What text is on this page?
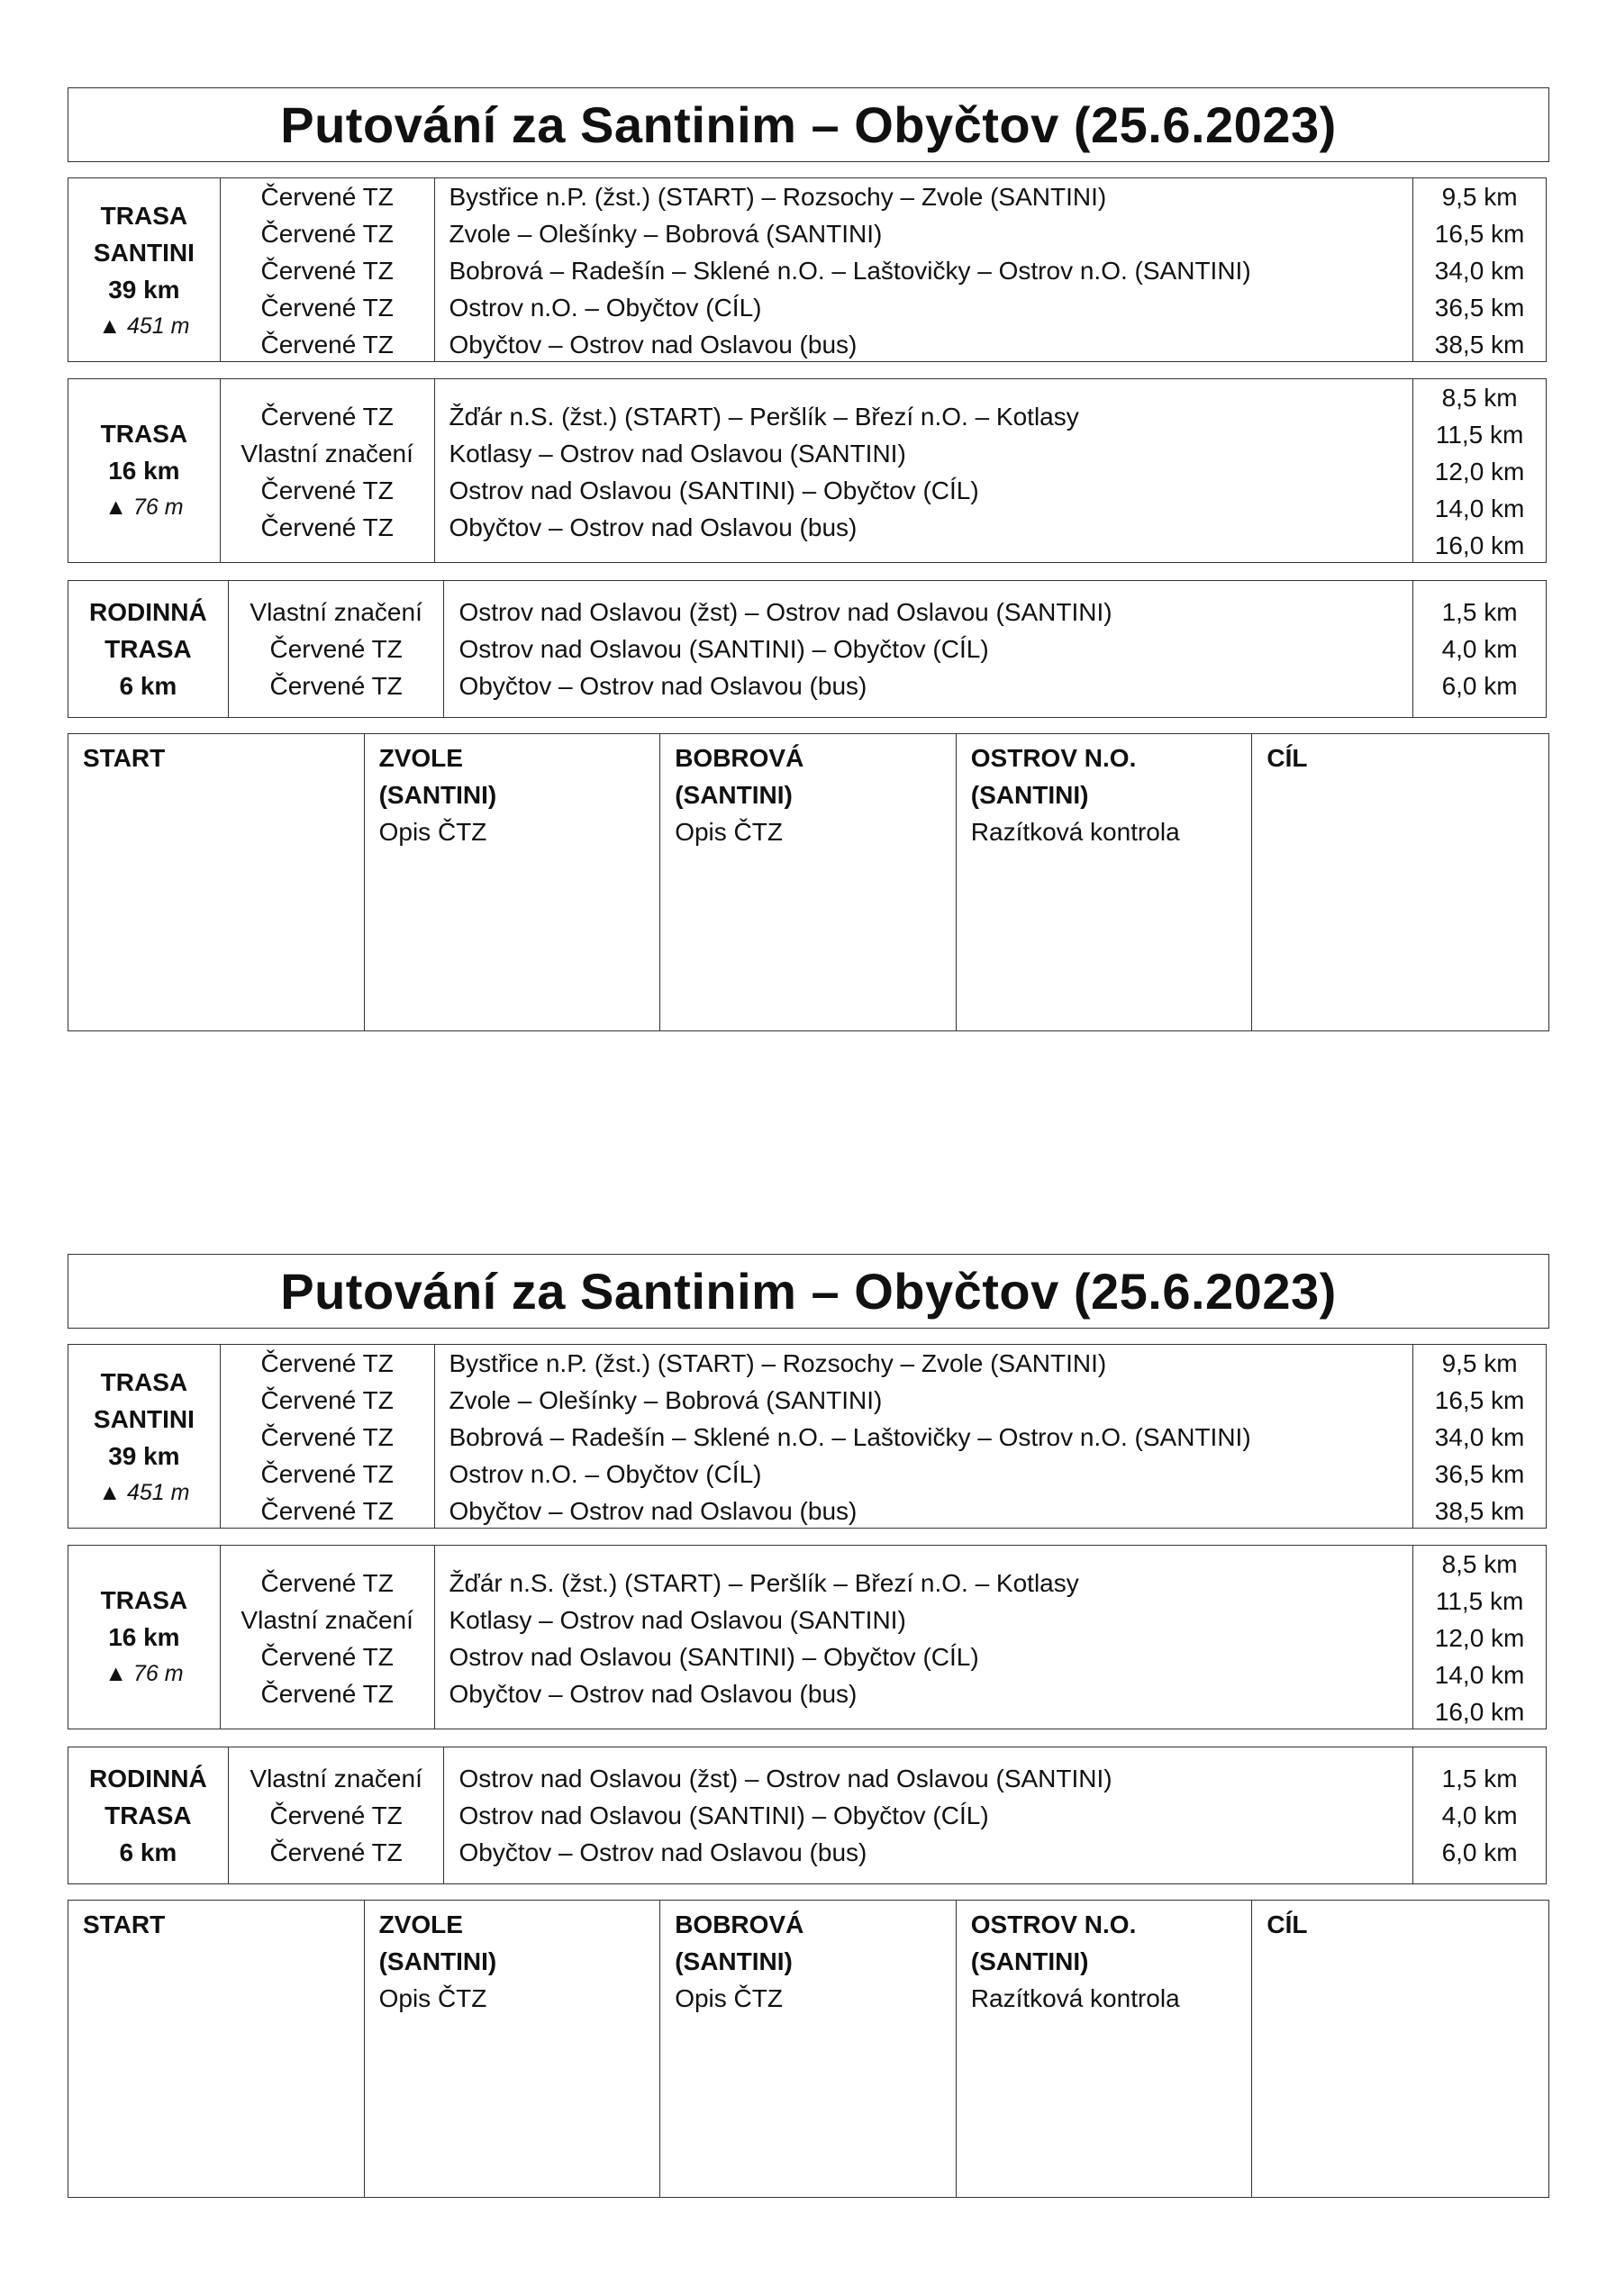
Putování za Santinim – Obyčtov (25.6.2023)
TRASA
SANTINI
39 km
▲ 451 m
Červené TZ
Červené TZ
Červené TZ
Červené TZ
Červené TZ
Bystřice n.P. (žst.) (START) – Rozsochy – Zvole (SANTINI)
Zvole – Olešínky – Bobrová (SANTINI)
Bobrová – Radešín – Sklené n.O. – Laštovičky – Ostrov n.O. (SANTINI)
Ostrov n.O. – Obyčtov (CÍL)
Obyčtov – Ostrov nad Oslavou (bus)
9,5 km
16,5 km
34,0 km
36,5 km
38,5 km
TRASA
16 km
▲ 76 m
Červené TZ
Vlastní značení
Červené TZ
Červené TZ
Žďár n.S. (žst.) (START) – Peršlík – Březí n.O. – Kotlasy
Kotlasy – Ostrov nad Oslavou (SANTINI)
Ostrov nad Oslavou (SANTINI) – Obyčtov (CÍL)
Obyčtov – Ostrov nad Oslavou (bus)
8,5 km
11,5 km
12,0 km
14,0 km
16,0 km
RODINNÁ
TRASA
6 km
Vlastní značení
Červené TZ
Červené TZ
Ostrov nad Oslavou (žst) – Ostrov nad Oslavou (SANTINI)
Ostrov nad Oslavou (SANTINI) – Obyčtov (CÍL)
Obyčtov – Ostrov nad Oslavou (bus)
1,5 km
4,0 km
6,0 km
START	ZVOLE
(SANTINI)
Opis ČTZ
BOBROVÁ
(SANTINI)
Opis ČTZ
OSTROV N.O.
(SANTINI)
Razítková kontrola
CÍL
Putování za Santinim – Obyčtov (25.6.2023)
TRASA
SANTINI
39 km
▲ 451 m
Červené TZ
Červené TZ
Červené TZ
Červené TZ
Červené TZ
Bystřice n.P. (žst.) (START) – Rozsochy – Zvole (SANTINI)
Zvole – Olešínky – Bobrová (SANTINI)
Bobrová – Radešín – Sklené n.O. – Laštovičky – Ostrov n.O. (SANTINI)
Ostrov n.O. – Obyčtov (CÍL)
Obyčtov – Ostrov nad Oslavou (bus)
9,5 km
16,5 km
34,0 km
36,5 km
38,5 km
TRASA
16 km
▲ 76 m
Červené TZ
Vlastní značení
Červené TZ
Červené TZ
Žďár n.S. (žst.) (START) – Peršlík – Březí n.O. – Kotlasy
Kotlasy – Ostrov nad Oslavou (SANTINI)
Ostrov nad Oslavou (SANTINI) – Obyčtov (CÍL)
Obyčtov – Ostrov nad Oslavou (bus)
8,5 km
11,5 km
12,0 km
14,0 km
16,0 km
RODINNÁ
TRASA
6 km
Vlastní značení
Červené TZ
Červené TZ
Ostrov nad Oslavou (žst) – Ostrov nad Oslavou (SANTINI)
Ostrov nad Oslavou (SANTINI) – Obyčtov (CÍL)
Obyčtov – Ostrov nad Oslavou (bus)
1,5 km
4,0 km
6,0 km
START	ZVOLE
(SANTINI)
Opis ČTZ
BOBROVÁ
(SANTINI)
Opis ČTZ
OSTROV N.O.
(SANTINI)
Razítková kontrola
CÍL
